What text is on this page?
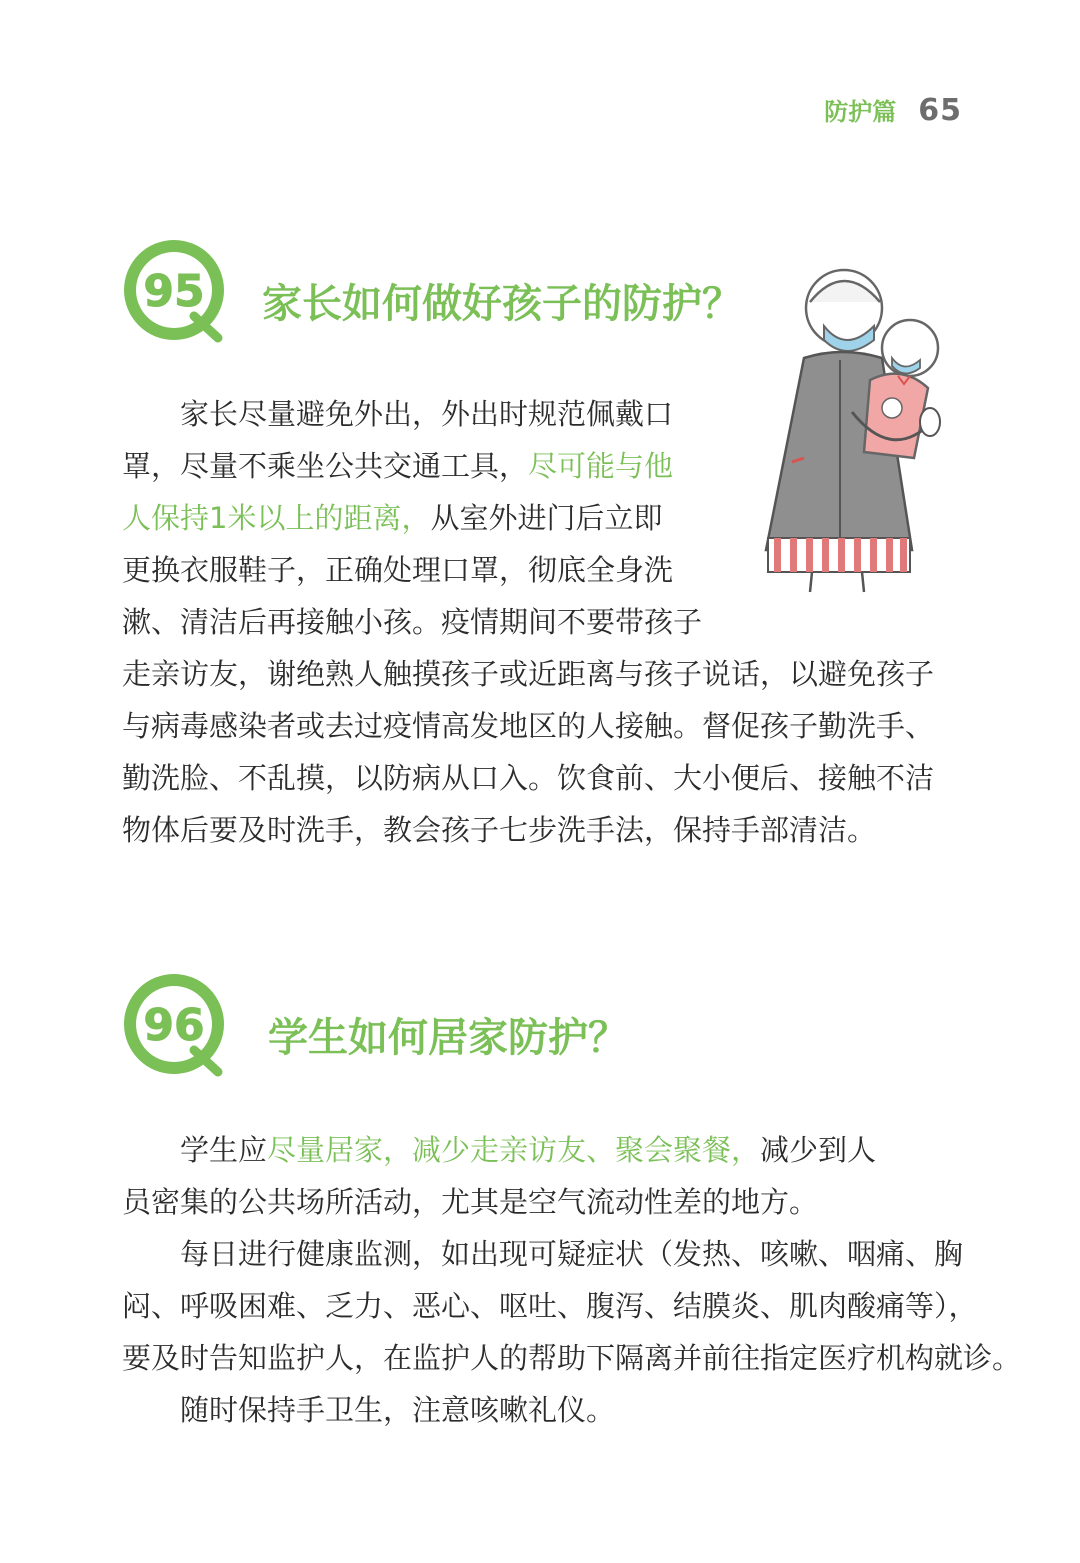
防护篇 65
95 家长如何做好孩子的防护？
　　家长尽量避免外出，外出时规范佩戴口
罩，尽量不乘坐公共交通工具，尽可能与他
人保持1米以上的距离，从室外进门后立即
更换衣服鞋子，正确处理口罩，彻底全身洗
漱、清洁后再接触小孩。疫情期间不要带孩子
走亲访友，谢绝熟人触摸孩子或近距离与孩子说话，以避免孩子
与病毒感染者或去过疫情高发地区的人接触。督促孩子勤洗手、
勤洗脸、不乱摸，以防病从口入。饮食前、大小便后、接触不洁
物体后要及时洗手，教会孩子七步洗手法，保持手部清洁。
96 学生如何居家防护？
　　学生应尽量居家，减少走亲访友、聚会聚餐，减少到人
员密集的公共场所活动，尤其是空气流动性差的地方。
　　每日进行健康监测，如出现可疑症状（发热、咳嗽、咽痛、胸
闷、呼吸困难、乏力、恶心、呕吐、腹泻、结膜炎、肌肉酸痛等），
要及时告知监护人，在监护人的帮助下隔离并前往指定医疗机构就诊。
　　随时保持手卫生，注意咳嗽礼仪。
